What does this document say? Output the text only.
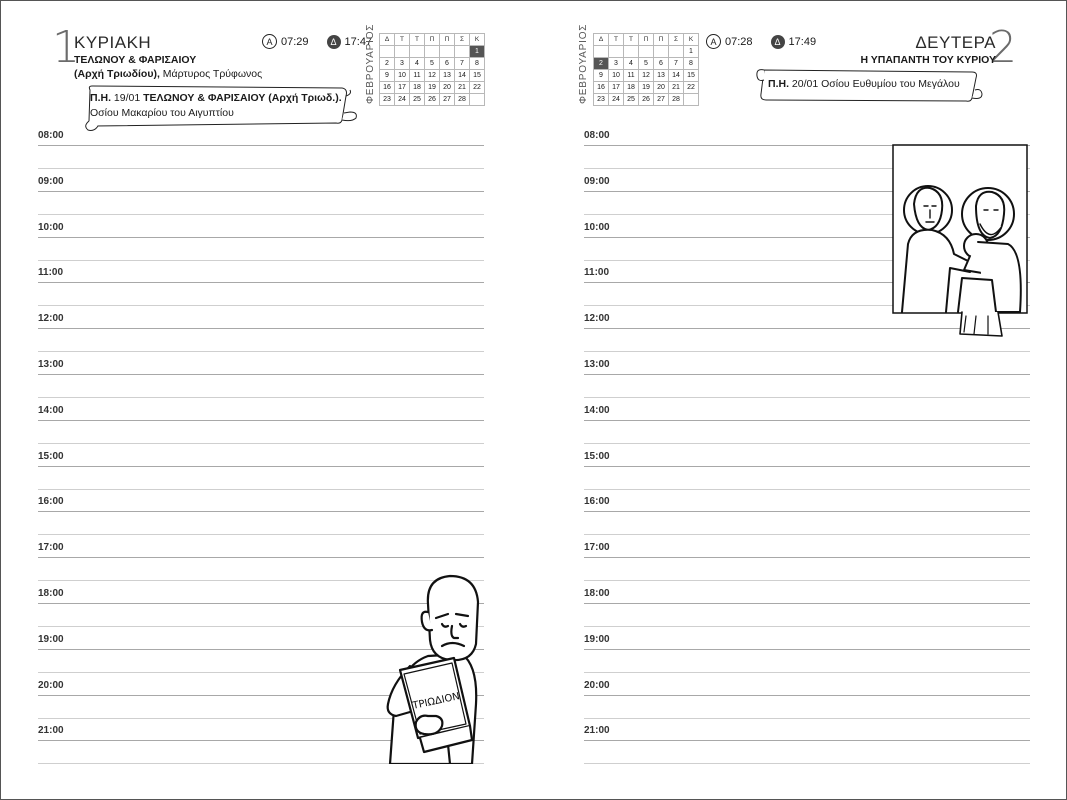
1
ΚΥΡΙΑΚΗ
ΤΕΛΩΝΟΥ & ΦΑΡΙΣΑΙΟΥ
(Αρχή Τριωδίου), Μάρτυρος Τρύφωνος
Α 07:29	Δ 17:47
ΦΕΒΡΟΥΑΡΙΟΣ Δ	Τ	Τ	Π	Π	Σ	Κ
						1
2	3	4	5	6	7	8
9	10	11	12	13	14	15
16	17	18	19	20	21	22
23	24	25	26	27	28	
Π.Η. 19/01 ΤΕΛΩΝΟΥ & ΦΑΡΙΣΑΙΟΥ (Αρχή Τριωδ.).
Οσίου Μακαρίου του Αιγυπτίου
08:00
09:00
10:00
11:00
12:00
13:00
14:00
15:00
16:00
17:00
18:00
19:00
20:00
21:00
ΤΡΙΩΔΙΟΝ
ΦΕΒΡΟΥΑΡΙΟΣ Δ	Τ	Τ	Π	Π	Σ	Κ
						1
2	3	4	5	6	7	8
9	10	11	12	13	14	15
16	17	18	19	20	21	22
23	24	25	26	27	28	
Α 07:28	Δ 17:49	ΔΕΥΤΕΡΑ
2
Η ΥΠΑΠΑΝΤΗ ΤΟΥ ΚΥΡΙΟΥ
Π.Η. 20/01 Οσίου Ευθυμίου του Μεγάλου
08:00
09:00
10:00
11:00
12:00
13:00
14:00
15:00
16:00
17:00
18:00
19:00
20:00
21:00
